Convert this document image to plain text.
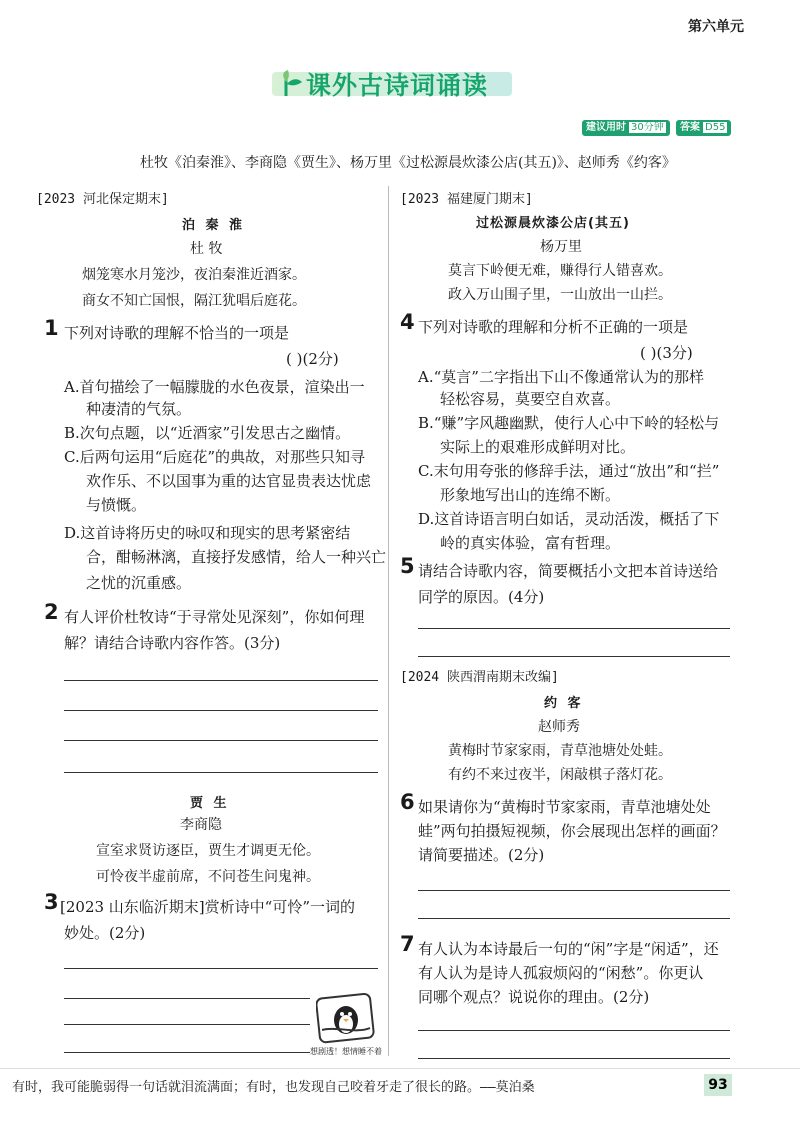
第六单元
课外古诗词诵读
建议用时 30分钟	答案 D55
杜牧《泊秦淮》、李商隐《贾生》、杨万里《过松源晨炊漆公店(其五)》、赵师秀《约客》
[2023 河北保定期末]
泊 秦 淮
杜 牧
烟笼寒水月笼沙，夜泊秦淮近酒家。
商女不知亡国恨，隔江犹唱后庭花。
1 下列对诗歌的理解不恰当的一项是
( )(2分)
A.首句描绘了一幅朦胧的水色夜景，渲染出一
种凄清的气氛。
B.次句点题，以“近酒家”引发思古之幽情。
C.后两句运用“后庭花”的典故，对那些只知寻
欢作乐、不以国事为重的达官显贵表达忧虑
与愤慨。
D.这首诗将历史的咏叹和现实的思考紧密结
合，酣畅淋漓，直接抒发感情，给人一种兴亡
之忧的沉重感。
2 有人评价杜牧诗“于寻常处见深刻”，你如何理
解？请结合诗歌内容作答。(3分)
贾 生
李商隐
宣室求贤访逐臣，贾生才调更无伦。
可怜夜半虚前席，不问苍生问鬼神。
3 [2023 山东临沂期末]赏析诗中“可怜”一词的
妙处。(2分)
想剧透！想情睡不着
[2023 福建厦门期末]
过松源晨炊漆公店(其五)
杨万里
莫言下岭便无难，赚得行人错喜欢。
政入万山围子里，一山放出一山拦。
4 下列对诗歌的理解和分析不正确的一项是
( )(3分)
A.“莫言”二字指出下山不像通常认为的那样
轻松容易，莫要空自欢喜。
B.“赚”字风趣幽默，使行人心中下岭的轻松与
实际上的艰难形成鲜明对比。
C.末句用夸张的修辞手法，通过“放出”和“拦”
形象地写出山的连绵不断。
D.这首诗语言明白如话，灵动活泼，概括了下
岭的真实体验，富有哲理。
5 请结合诗歌内容，简要概括小文把本首诗送给
同学的原因。(4分)
[2024 陕西渭南期末改编]
约 客
赵师秀
黄梅时节家家雨，青草池塘处处蛙。
有约不来过夜半，闲敲棋子落灯花。
6 如果请你为“黄梅时节家家雨，青草池塘处处
蛙”两句拍摄短视频，你会展现出怎样的画面？
请简要描述。(2分)
7 有人认为本诗最后一句的“闲”字是“闲适”，还
有人认为是诗人孤寂烦闷的“闲愁”。你更认
同哪个观点？说说你的理由。(2分)
有时，我可能脆弱得一句话就泪流满面；有时，也发现自己咬着牙走了很长的路。——莫泊桑	93
